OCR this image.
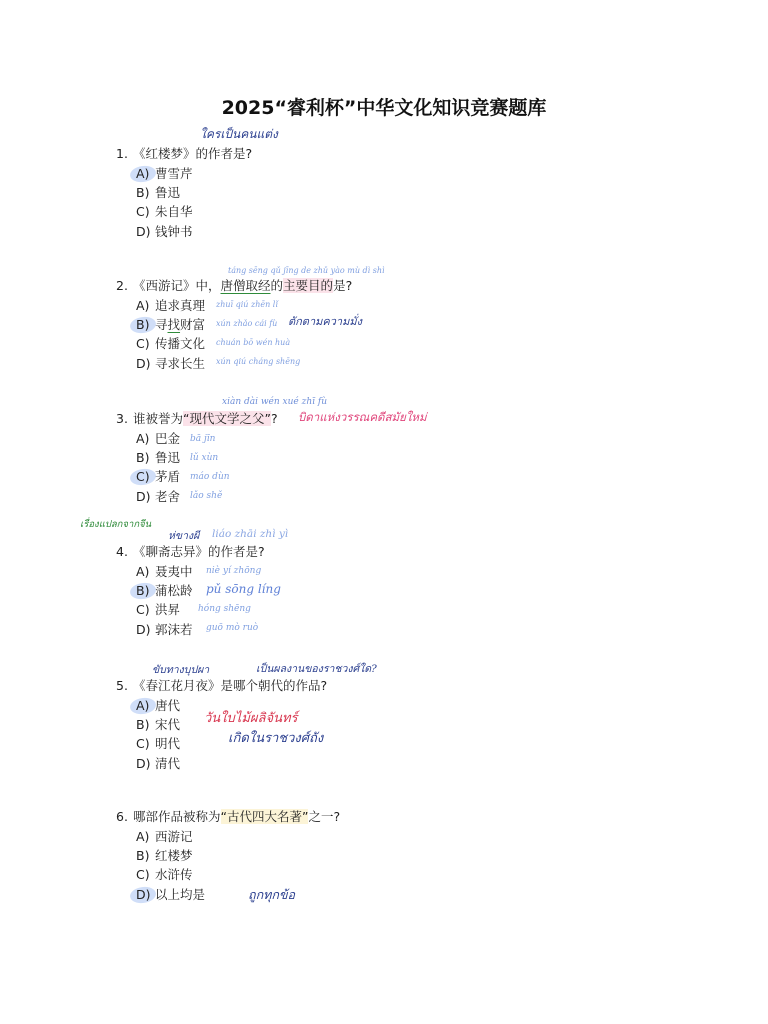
2025“睿利杯”中华文化知识竞赛题库
1. 《红楼梦》的作者是?
A) 曹雪芹
B) 鲁迅
C) 朱自华
D) 钱钟书
2. 《西游记》中，唐僧取经的主要目的是?
A) 追求真理
B) 寻找财富
C) 传播文化
D) 寻求长生
3. 谁被誉为“现代文学之父”?
A) 巴金
B) 鲁迅
C) 茅盾
D) 老舍
4. 《聊斋志异》的作者是?
A) 聂夷中
B) 蒲松龄
C) 洪昇
D) 郭沫若
5. 《春江花月夜》是哪个朝代的作品?
A) 唐代
B) 宋代
C) 明代
D) 清代
6. 哪部作品被称为“古代四大名著”之一?
A) 西游记
B) 红楼梦
C) 水浒传
D) 以上均是
ใครเป็นคนแต่ง
táng sēng qǔ jīng de zhǔ yào mù dì shì
zhuī qiú zhēn lǐ
xún zhǎo cái fù ตักตามความมั่ง
chuán bō wén huà
xún qiú cháng shēng
xiàn dài wén xué zhī fù
บิดาแห่งวรรณคดีสมัยใหม่
bā jīn
lǔ xùn
máo dùn
lǎo shě
เรื่องแปลกจากจีน
ห่ขางผี liáo zhāi zhì yì
niè yí zhōng
pǔ sōng líng
hóng shēng
guō mò ruò
ขับทางบุปผา	เป็นผลงานของราชวงศ์ใด?
วันใบไม้ผลิจันทร์
เกิดในราชวงศ์ถัง
ถูกทุกข้อ
